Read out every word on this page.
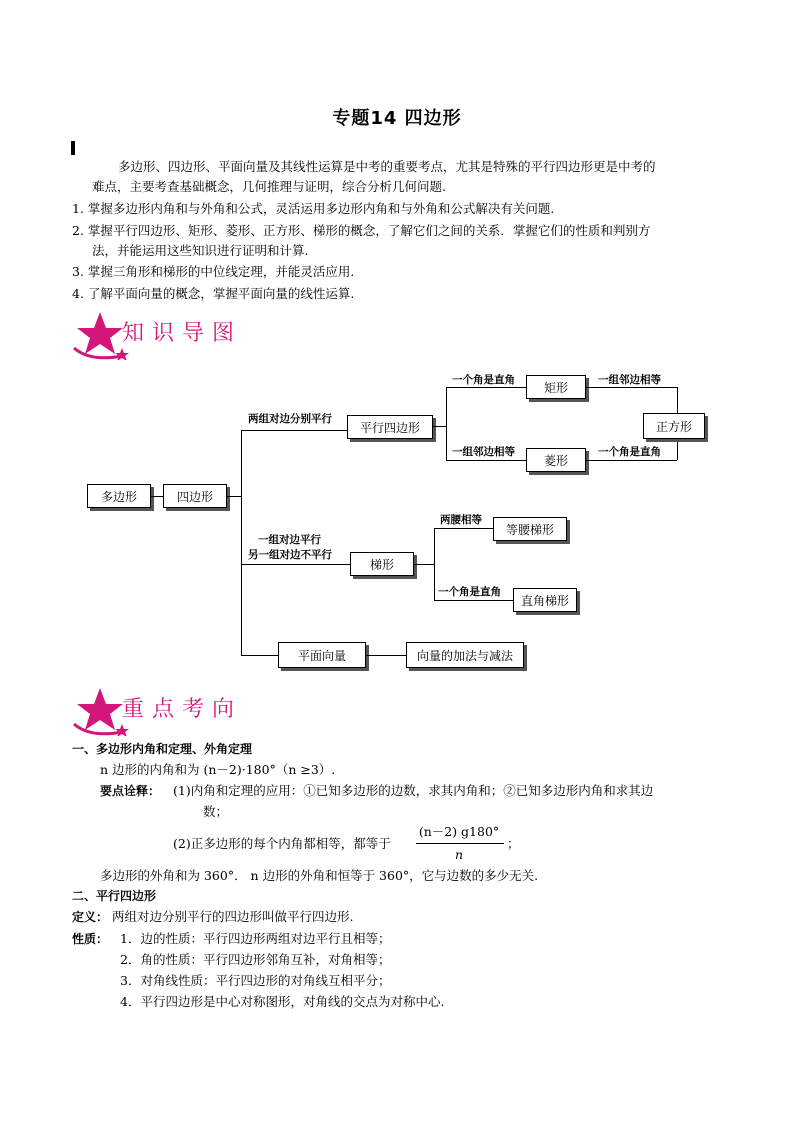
专题14 四边形
多边形、四边形、平面向量及其线性运算是中考的重要考点，尤其是特殊的平行四边形更是中考的
难点，主要考查基础概念，几何推理与证明，综合分析几何问题.
1. 掌握多边形内角和与外角和公式，灵活运用多边形内角和与外角和公式解决有关问题.
2. 掌握平行四边形、矩形、菱形、正方形、梯形的概念，了解它们之间的关系．掌握它们的性质和判别方
法，并能运用这些知识进行证明和计算.
3. 掌握三角形和梯形的中位线定理，并能灵活应用.
4. 了解平面向量的概念，掌握平面向量的线性运算.
知识导图
多边形	四边形
两组对边分别平行
平行四边形
一个角是直角
一组邻边相等
矩形
菱形
一组邻边相等
一个角是直角
正方形
一组对边平行
另一组对边不平行
梯形
两腰相等
一个角是直角
等腰梯形
直角梯形
平面向量	向量的加法与减法
重点考向
一、多边形内角和定理、外角定理
n 边形的内角和为 (n－2)·180°（n ≥3）.
要点诠释： (1)内角和定理的应用：①已知多边形的边数，求其内角和；②已知多边形内角和求其边
数；
(2)正多边形的每个内角都相等，都等于
(n－2) g180°
n
；
多边形的外角和为 360°． n 边形的外角和恒等于 360°，它与边数的多少无关.
二、平行四边形
定义： 两组对边分别平行的四边形叫做平行四边形.
性质： 1．边的性质：平行四边形两组对边平行且相等；
2．角的性质：平行四边形邻角互补，对角相等；
3．对角线性质：平行四边形的对角线互相平分；
4．平行四边形是中心对称图形，对角线的交点为对称中心.
